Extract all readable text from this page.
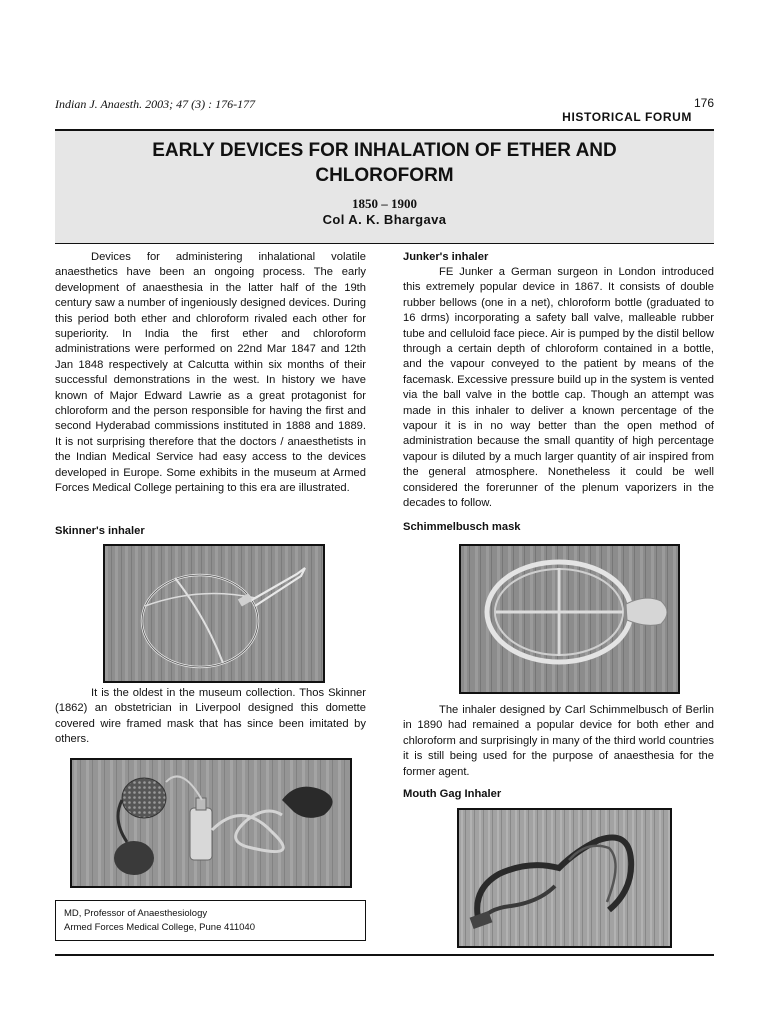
Indian J. Anaesth. 2003; 47 (3) : 176-177	176
HISTORICAL FORUM
EARLY DEVICES FOR INHALATION OF ETHER AND
CHLOROFORM
1850 – 1900
Col A. K. Bhargava

Devices for administering inhalational volatile anaesthetics have been an ongoing process. The early development of anaesthesia in the latter half of the 19th century saw a number of ingeniously designed devices. During this period both ether and chloroform rivaled each other for superiority. In India the first ether and chloroform administrations were performed on 22nd Mar 1847 and 12th Jan 1848 respectively at Calcutta within six months of their successful demonstrations in the west. In history we have known of Major Edward Lawrie as a great protagonist for chloroform and the person responsible for having the first and second Hyderabad commissions instituted in 1888 and 1889. It is not surprising therefore that the doctors / anaesthetists in the Indian Medical Service had easy access to the devices developed in Europe. Some exhibits in the museum at Armed Forces Medical College pertaining to this era are illustrated.

Skinner's inhaler

It is the oldest in the museum collection. Thos Skinner (1862) an obstetrician in Liverpool designed this domette covered wire framed mask that has since been imitated by others.

MD, Professor of Anaesthesiology
Armed Forces Medical College, Pune 411040
Junker's inhaler

FE Junker a German surgeon in London introduced this extremely popular device in 1867. It consists of double rubber bellows (one in a net), chloroform bottle (graduated to 16 drms) incorporating a safety ball valve, malleable rubber tube and celluloid face piece. Air is pumped by the distil bellow through a certain depth of chloroform contained in a bottle, and the vapour conveyed to the patient by means of the facemask. Excessive pressure build up in the system is vented via the ball valve in the bottle cap. Though an attempt was made in this inhaler to deliver a known percentage of the vapour it is in no way better than the open method of administration because the small quantity of high percentage vapour is diluted by a much larger quantity of air inspired from the general atmosphere. Nonetheless it could be well considered the forerunner of the plenum vaporizers in the decades to follow.

Schimmelbusch mask

The inhaler designed by Carl Schimmelbusch of Berlin in 1890 had remained a popular device for both ether and chloroform and surprisingly in many of the third world countries it is still being used for the purpose of anaesthesia for the former agent.

Mouth Gag Inhaler
